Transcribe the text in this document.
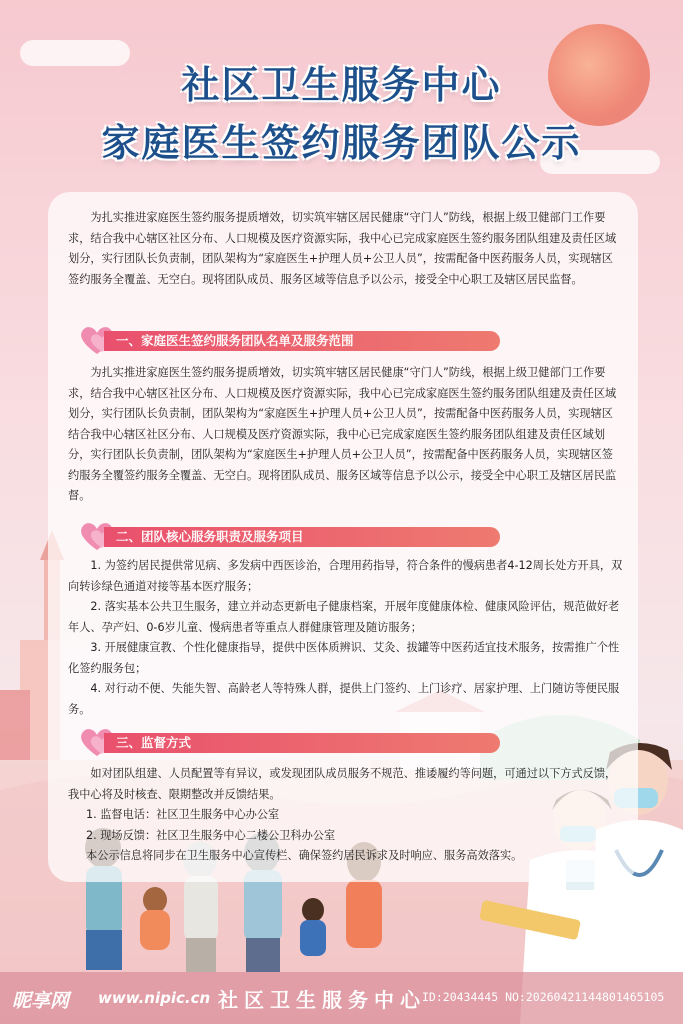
社区卫生服务中心
家庭医生签约服务团队公示

为扎实推进家庭医生签约服务提质增效，切实筑牢辖区居民健康“守门人”防线，根据上级卫健部门工作要求，结合我中心辖区社区分布、人口规模及医疗资源实际，我中心已完成家庭医生签约服务团队组建及责任区域划分，实行团队长负责制，团队架构为“家庭医生+护理人员+公卫人员”，按需配备中医药服务人员，实现辖区签约服务全覆盖、无空白。现将团队成员、服务区域等信息予以公示，接受全中心职工及辖区居民监督。

一、家庭医生签约服务团队名单及服务范围

为扎实推进家庭医生签约服务提质增效，切实筑牢辖区居民健康“守门人”防线，根据上级卫健部门工作要求，结合我中心辖区社区分布、人口规模及医疗资源实际，我中心已完成家庭医生签约服务团队组建及责任区域划分，实行团队长负责制，团队架构为“家庭医生+护理人员+公卫人员”，按需配备中医药服务人员，实现辖区结合我中心辖区社区分布、人口规模及医疗资源实际，我中心已完成家庭医生签约服务团队组建及责任区域划分，实行团队长负责制，团队架构为“家庭医生+护理人员+公卫人员”，按需配备中医药服务人员，实现辖区签约服务全覆签约服务全覆盖、无空白。现将团队成员、服务区域等信息予以公示，接受全中心职工及辖区居民监督。

二、团队核心服务职责及服务项目
1. 为签约居民提供常见病、多发病中西医诊治，合理用药指导，符合条件的慢病患者4-12周长处方开具，双向转诊绿色通道对接等基本医疗服务；
2. 落实基本公共卫生服务，建立并动态更新电子健康档案，开展年度健康体检、健康风险评估，规范做好老年人、孕产妇、0-6岁儿童、慢病患者等重点人群健康管理及随访服务；
3. 开展健康宣教、个性化健康指导，提供中医体质辨识、艾灸、拔罐等中医药适宜技术服务，按需推广个性化签约服务包；
4. 对行动不便、失能失智、高龄老人等特殊人群，提供上门签约、上门诊疗、居家护理、上门随访等便民服务。
三、监督方式

如对团队组建、人员配置等有异议，或发现团队成员服务不规范、推诿履约等问题，可通过以下方式反馈，我中心将及时核查、限期整改并反馈结果。

1. 监督电话：社区卫生服务中心办公室
2. 现场反馈：社区卫生服务中心二楼公卫科办公室

本公示信息将同步在卫生服务中心宣传栏、确保签约居民诉求及时响应、服务高效落实。

昵享网 www.nipic.cn 社区卫生服务中心
ID:20434445 NO:20260421144801465105
